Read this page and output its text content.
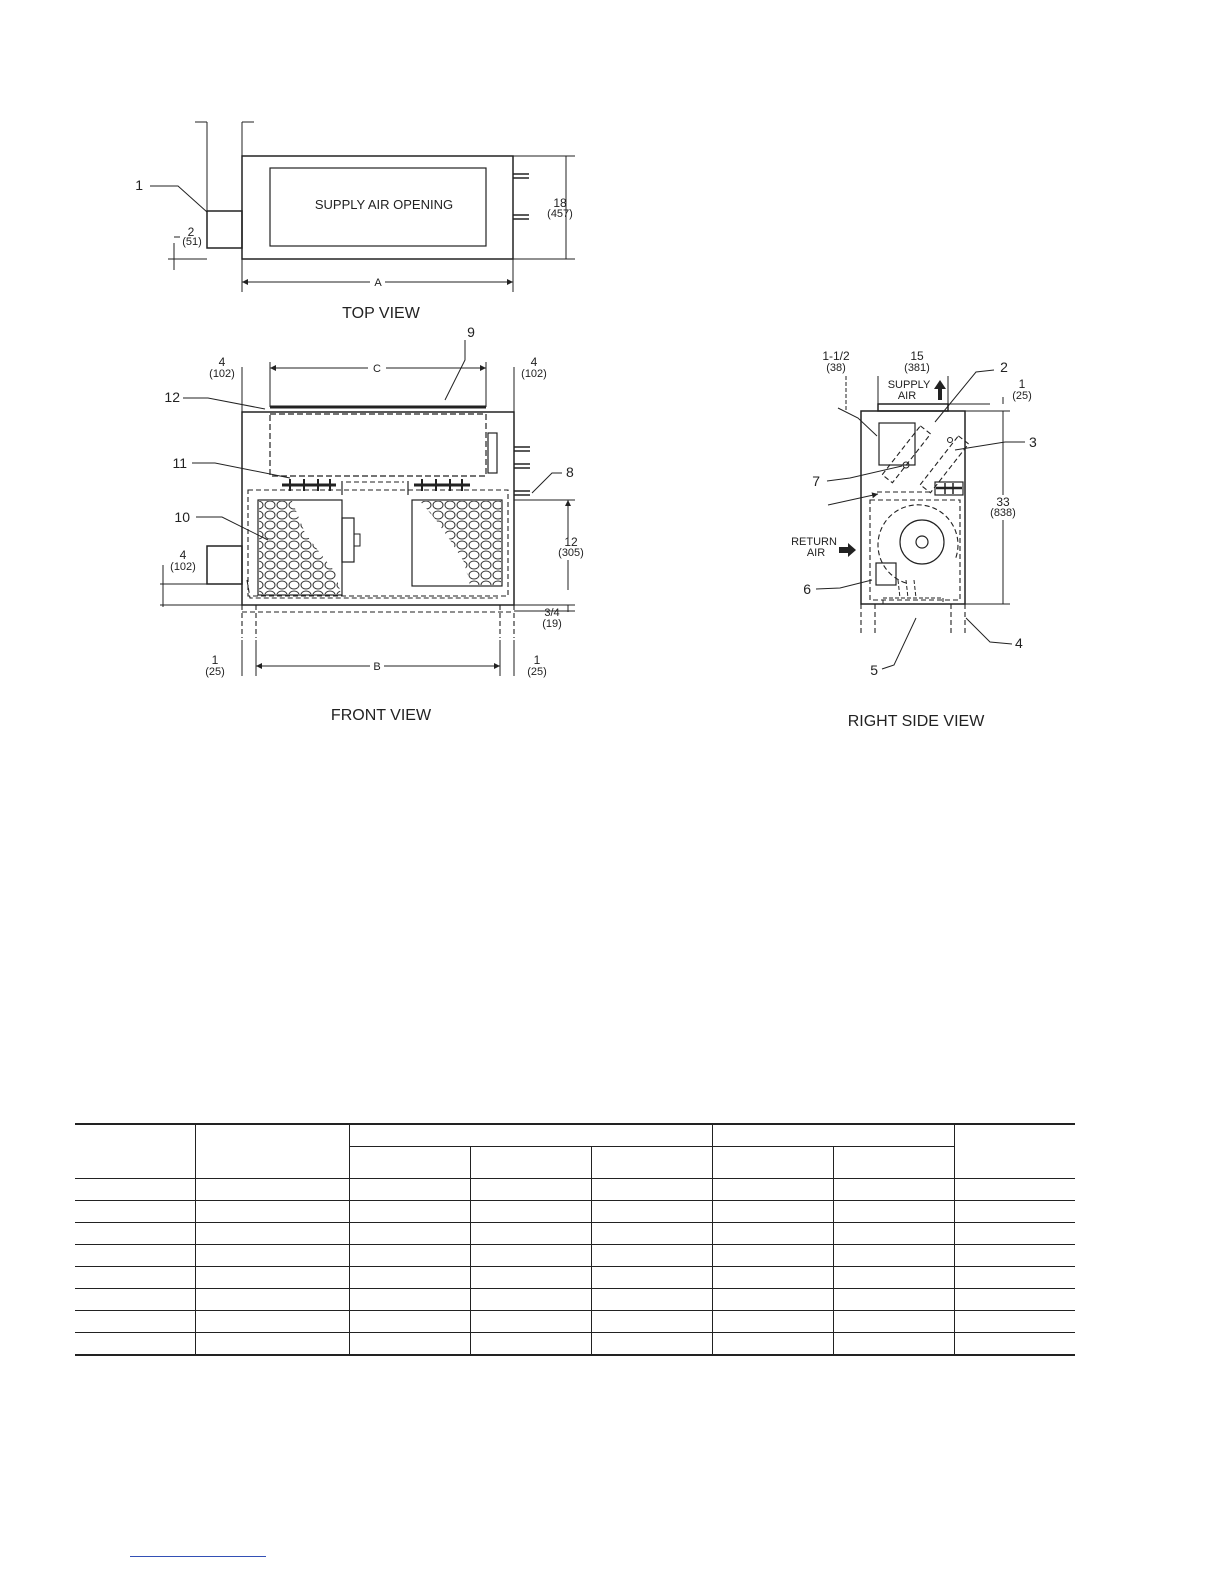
SUPPLY AIR OPENING
1
2
(51)
18
(457)
A
TOP VIEW
4
(102)	C	4
(102)
9
12
11
8
10
12
(305)
4
(102)
3/4
(19)
1
(25)	B	1
(25)
FRONT VIEW
1-1/2
(38)
15
(381)
SUPPLY
AIR
2
1
(25)
3
7
33
(838)
RETURN
AIR
6
4
5
RIGHT SIDE VIEW
